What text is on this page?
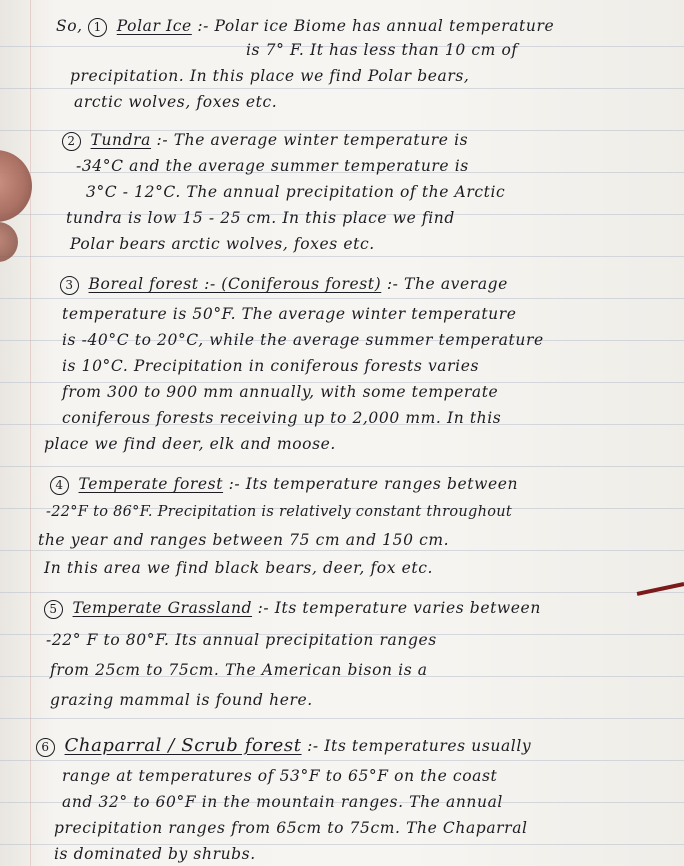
So, 1 Polar Ice :- Polar ice Biome has annual temperature
is 7° F. It has less than 10 cm of
precipitation. In this place we find Polar bears,
arctic wolves, foxes etc.
2 Tundra :- The average winter temperature is
-34°C and the average summer temperature is
3°C - 12°C. The annual precipitation of the Arctic
tundra is low 15 - 25 cm. In this place we find
Polar bears arctic wolves, foxes etc.
3 Boreal forest :- (Coniferous forest) :- The average
temperature is 50°F. The average winter temperature
is -40°C to 20°C, while the average summer temperature
is 10°C. Precipitation in coniferous forests varies
from 300 to 900 mm annually, with some temperate
coniferous forests receiving up to 2,000 mm. In this
place we find deer, elk and moose.
4 Temperate forest :- Its temperature ranges between
-22°F to 86°F. Precipitation is relatively constant throughout
the year and ranges between 75 cm and 150 cm.
In this area we find black bears, deer, fox etc.
5 Temperate Grassland :- Its temperature varies between
-22° F to 80°F. Its annual precipitation ranges
from 25cm to 75cm. The American bison is a
grazing mammal is found here.
6 Chaparral / Scrub forest :- Its temperatures usually
range at temperatures of 53°F to 65°F on the coast
and 32° to 60°F in the mountain ranges. The annual
precipitation ranges from 65cm to 75cm. The Chaparral
is dominated by shrubs.
